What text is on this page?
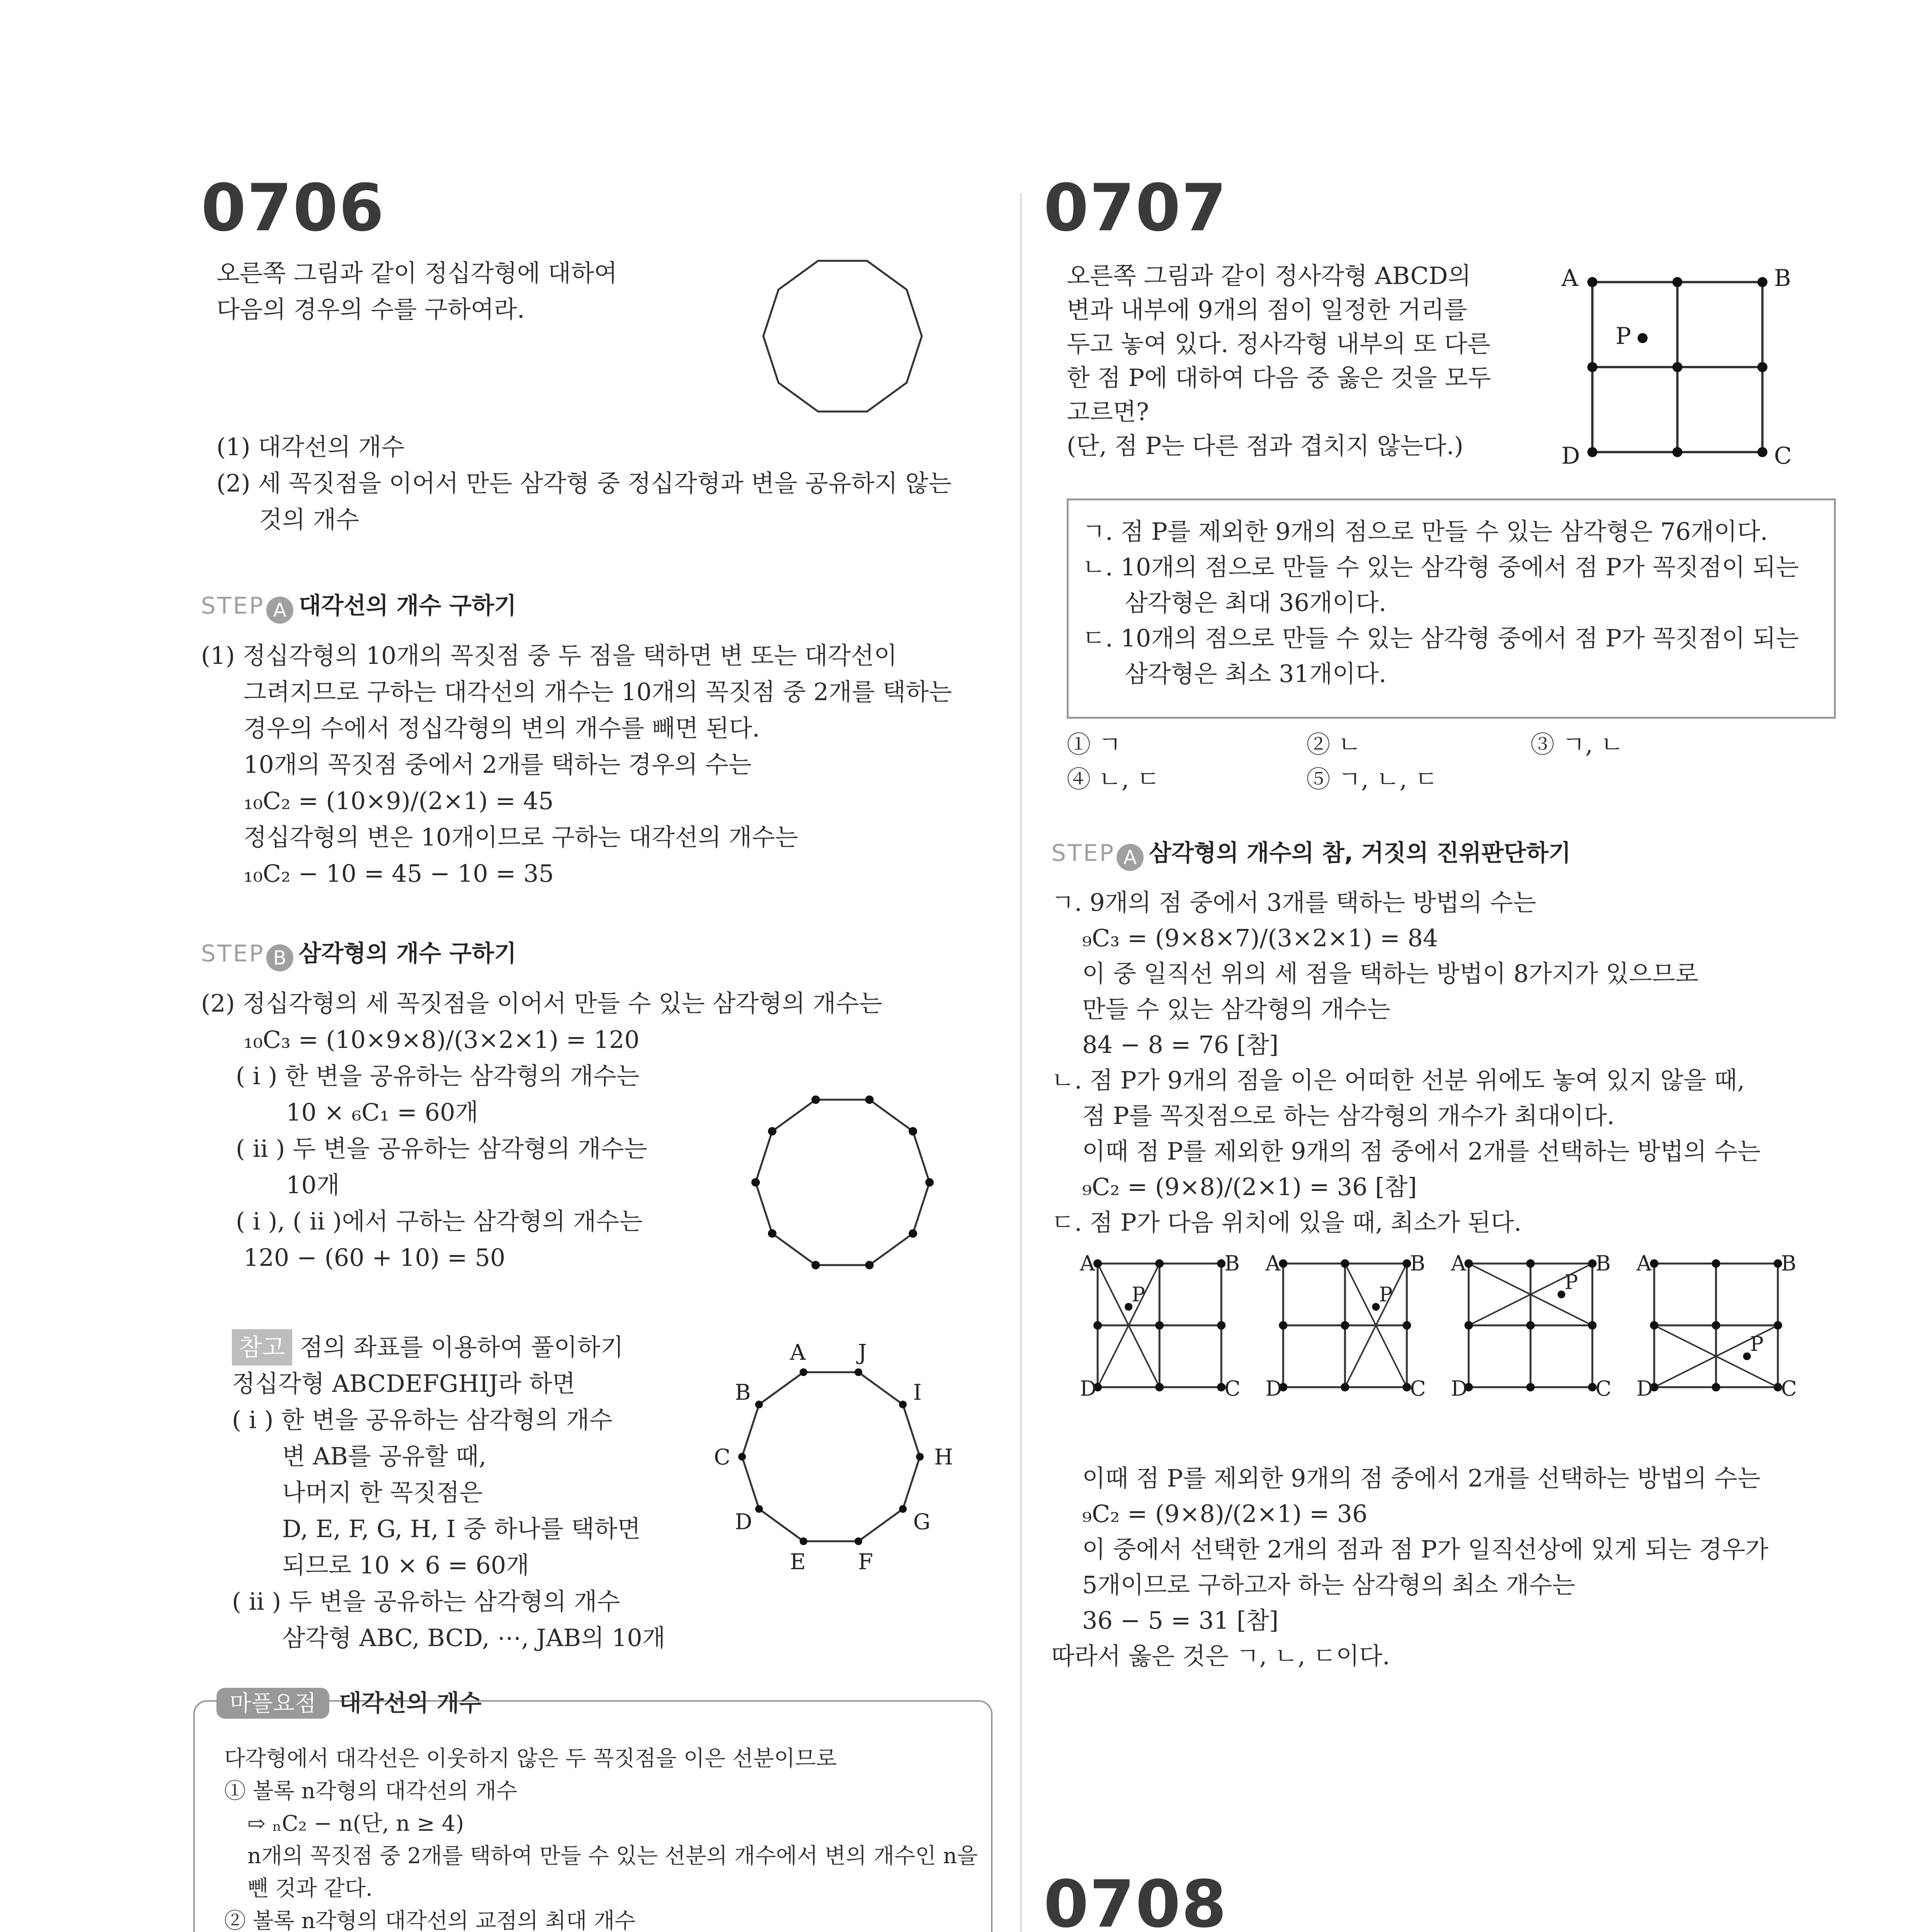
0706
오른쪽 그림과 같이 정십각형에 대하여
다음의 경우의 수를 구하여라.
(1) 대각선의 개수
(2) 세 꼭짓점을 이어서 만든 삼각형 중 정십각형과 변을 공유하지 않는
것의 개수
STEP A 대각선의 개수 구하기
(1) 정십각형의 10개의 꼭짓점 중 두 점을 택하면 변 또는 대각선이
그려지므로 구하는 대각선의 개수는 10개의 꼭짓점 중 2개를 택하는
경우의 수에서 정십각형의 변의 개수를 빼면 된다.
10개의 꼭짓점 중에서 2개를 택하는 경우의 수는
₁₀C₂ = (10×9)/(2×1) = 45
정십각형의 변은 10개이므로 구하는 대각선의 개수는
₁₀C₂ − 10 = 45 − 10 = 35
STEP B 삼각형의 개수 구하기
(2) 정십각형의 세 꼭짓점을 이어서 만들 수 있는 삼각형의 개수는
₁₀C₃ = (10×9×8)/(3×2×1) = 120
( i ) 한 변을 공유하는 삼각형의 개수는
10 × ₆C₁ = 60개
( ii ) 두 변을 공유하는 삼각형의 개수는
10개
( i ), ( ii )에서 구하는 삼각형의 개수는
120 − (60 + 10) = 50
참고 점의 좌표를 이용하여 풀이하기
정십각형 ABCDEFGHIJ라 하면
( i ) 한 변을 공유하는 삼각형의 개수
변 AB를 공유할 때,
나머지 한 꼭짓점은
D, E, F, G, H, I 중 하나를 택하면
되므로 10 × 6 = 60개
( ii ) 두 변을 공유하는 삼각형의 개수
삼각형 ABC, BCD, ⋯, JAB의 10개
A J
I
H
G
F
E
D
C
B
마플요점 대각선의 개수
다각형에서 대각선은 이웃하지 않은 두 꼭짓점을 이은 선분이므로
① 볼록 n각형의 대각선의 개수
⇨ ₙC₂ − n(단, n ≥ 4)
n개의 꼭짓점 중 2개를 택하여 만들 수 있는 선분의 개수에서 변의 개수인 n을
뺀 것과 같다.
② 볼록 n각형의 대각선의 교점의 최대 개수
0707
오른쪽 그림과 같이 정사각형 ABCD의
변과 내부에 9개의 점이 일정한 거리를
두고 놓여 있다. 정사각형 내부의 또 다른
한 점 P에 대하여 다음 중 옳은 것을 모두
고르면?
(단, 점 P는 다른 점과 겹치지 않는다.)
A	B
C
D
P
ㄱ. 점 P를 제외한 9개의 점으로 만들 수 있는 삼각형은 76개이다.
ㄴ. 10개의 점으로 만들 수 있는 삼각형 중에서 점 P가 꼭짓점이 되는
삼각형은 최대 36개이다.
ㄷ. 10개의 점으로 만들 수 있는 삼각형 중에서 점 P가 꼭짓점이 되는
삼각형은 최소 31개이다.
① ㄱ	② ㄴ	③ ㄱ, ㄴ
④ ㄴ, ㄷ	⑤ ㄱ, ㄴ, ㄷ
STEP A 삼각형의 개수의 참, 거짓의 진위판단하기
ㄱ. 9개의 점 중에서 3개를 택하는 방법의 수는
₉C₃ = (9×8×7)/(3×2×1) = 84
이 중 일직선 위의 세 점을 택하는 방법이 8가지가 있으므로
만들 수 있는 삼각형의 개수는
84 − 8 = 76 [참]
ㄴ. 점 P가 9개의 점을 이은 어떠한 선분 위에도 놓여 있지 않을 때,
점 P를 꼭짓점으로 하는 삼각형의 개수가 최대이다.
이때 점 P를 제외한 9개의 점 중에서 2개를 선택하는 방법의 수는
₉C₂ = (9×8)/(2×1) = 36 [참]
ㄷ. 점 P가 다음 위치에 있을 때, 최소가 된다.
P
A	B
C
D
P
A	B
C
D
P
A	B
C
D
P
A	B
C
D
이때 점 P를 제외한 9개의 점 중에서 2개를 선택하는 방법의 수는
₉C₂ = (9×8)/(2×1) = 36
이 중에서 선택한 2개의 점과 점 P가 일직선상에 있게 되는 경우가
5개이므로 구하고자 하는 삼각형의 최소 개수는
36 − 5 = 31 [참]
따라서 옳은 것은 ㄱ, ㄴ, ㄷ이다.
0708
